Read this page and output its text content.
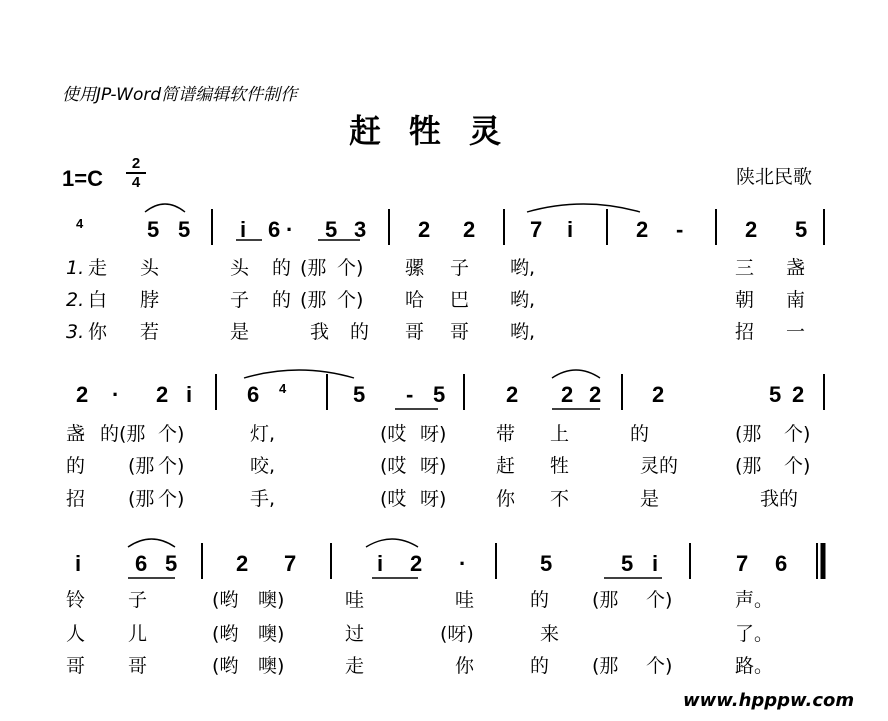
使用JP-Word简谱编辑软件制作
赶牲灵
1=C
2
4	陕北民歌
4	5 5 i 6 · 5 3 2 2 7 i	2 -	2 5
2 · 2 i 6 4	5 - 5	2 2 2 2	5 2
i 6 5	2 7	i 2 ·	5	5 i	7 6
1. 走 头	头 的 (那 个) 骡 子 哟,	三 盏
2. 白 脖	子 的 (那 个) 哈 巴 哟,	朝 南
3. 你 若	是	我 的 哥 哥 哟,	招 一
盏 的(那 个)	灯,	(哎 呀)	带 上	的	(那 个)
的 (那 个)	咬,	(哎 呀)	赶 牲	灵的	(那 个)
招 (那 个)	手,	(哎 呀)	你 不	是	我的
铃 子	(哟 噢)	哇	哇	的 (那 个)	声。
人 儿	(哟 噢)	过	(呀)	来	了。
哥 哥	(哟 噢)	走	你	的 (那 个)	路。
www.hpppw.com
